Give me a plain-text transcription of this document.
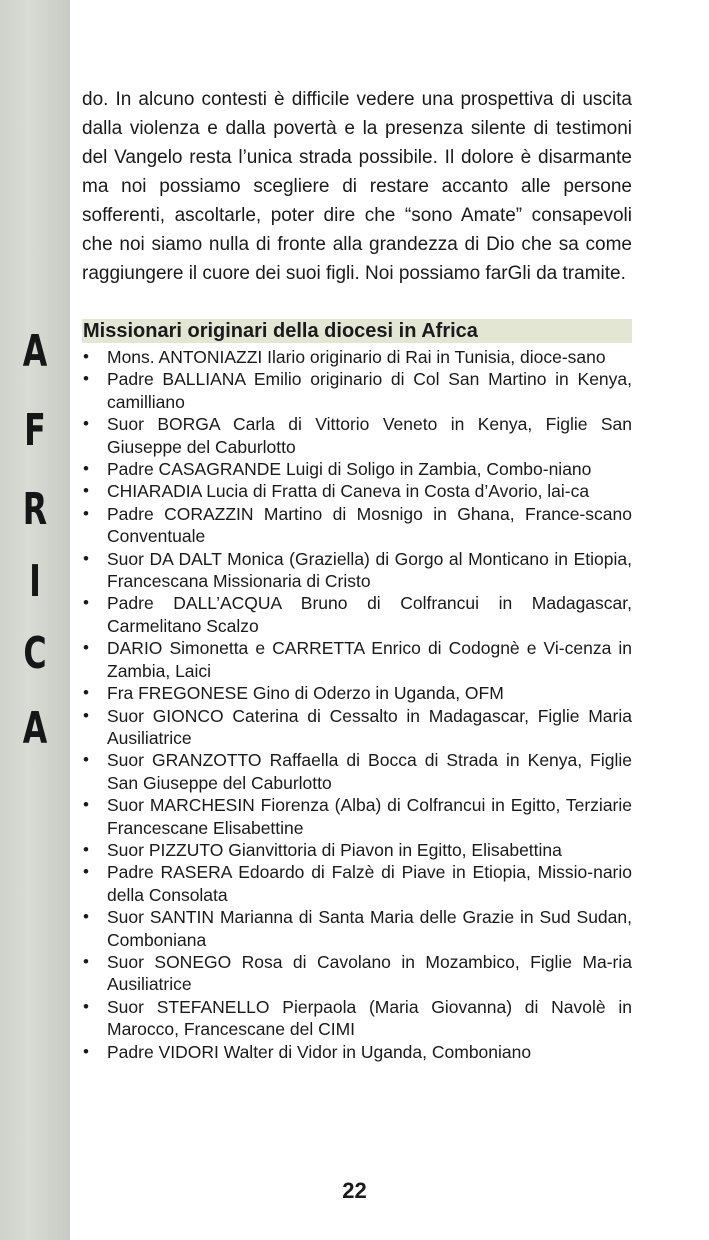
A
F
R
I
C
A

do. In alcuno contesti è difficile vedere una prospettiva di uscita dalla violenza e dalla povertà e la presenza silente di testimoni del Vangelo resta l’unica strada possibile. Il dolore è disarmante ma noi possiamo scegliere di restare accanto alle persone sofferenti, ascoltarle, poter dire che “sono Amate” consapevoli che noi siamo nulla di fronte alla grandezza di Dio che sa come raggiungere il cuore dei suoi figli. Noi possiamo farGli da tramite.

Missionari originari della diocesi in Africa
• Mons. ANTONIAZZI Ilario originario di Rai in Tunisia, dioce-sano
• Padre BALLIANA Emilio originario di Col San Martino in Kenya, camilliano
• Suor BORGA Carla di Vittorio Veneto in Kenya, Figlie San Giuseppe del Caburlotto
• Padre CASAGRANDE Luigi di Soligo in Zambia, Combo-niano
• CHIARADIA Lucia di Fratta di Caneva in Costa d’Avorio, lai-ca
• Padre CORAZZIN Martino di Mosnigo in Ghana, France-scano Conventuale
• Suor DA DALT Monica (Graziella) di Gorgo al Monticano in Etiopia, Francescana Missionaria di Cristo
• Padre DALL’ACQUA Bruno di Colfrancui in Madagascar, Carmelitano Scalzo
• DARIO Simonetta e CARRETTA Enrico di Codognè e Vi-cenza in Zambia, Laici
• Fra FREGONESE Gino di Oderzo in Uganda, OFM
• Suor GIONCO Caterina di Cessalto in Madagascar, Figlie Maria Ausiliatrice
• Suor GRANZOTTO Raffaella di Bocca di Strada in Kenya, Figlie San Giuseppe del Caburlotto
• Suor MARCHESIN Fiorenza (Alba) di Colfrancui in Egitto, Terziarie Francescane Elisabettine
• Suor PIZZUTO Gianvittoria di Piavon in Egitto, Elisabettina
• Padre RASERA Edoardo di Falzè di Piave in Etiopia, Missio-nario della Consolata
• Suor SANTIN Marianna di Santa Maria delle Grazie in Sud Sudan, Comboniana
• Suor SONEGO Rosa di Cavolano in Mozambico, Figlie Ma-ria Ausiliatrice
• Suor STEFANELLO Pierpaola (Maria Giovanna) di Navolè in Marocco, Francescane del CIMI
• Padre VIDORI Walter di Vidor in Uganda, Comboniano
22
